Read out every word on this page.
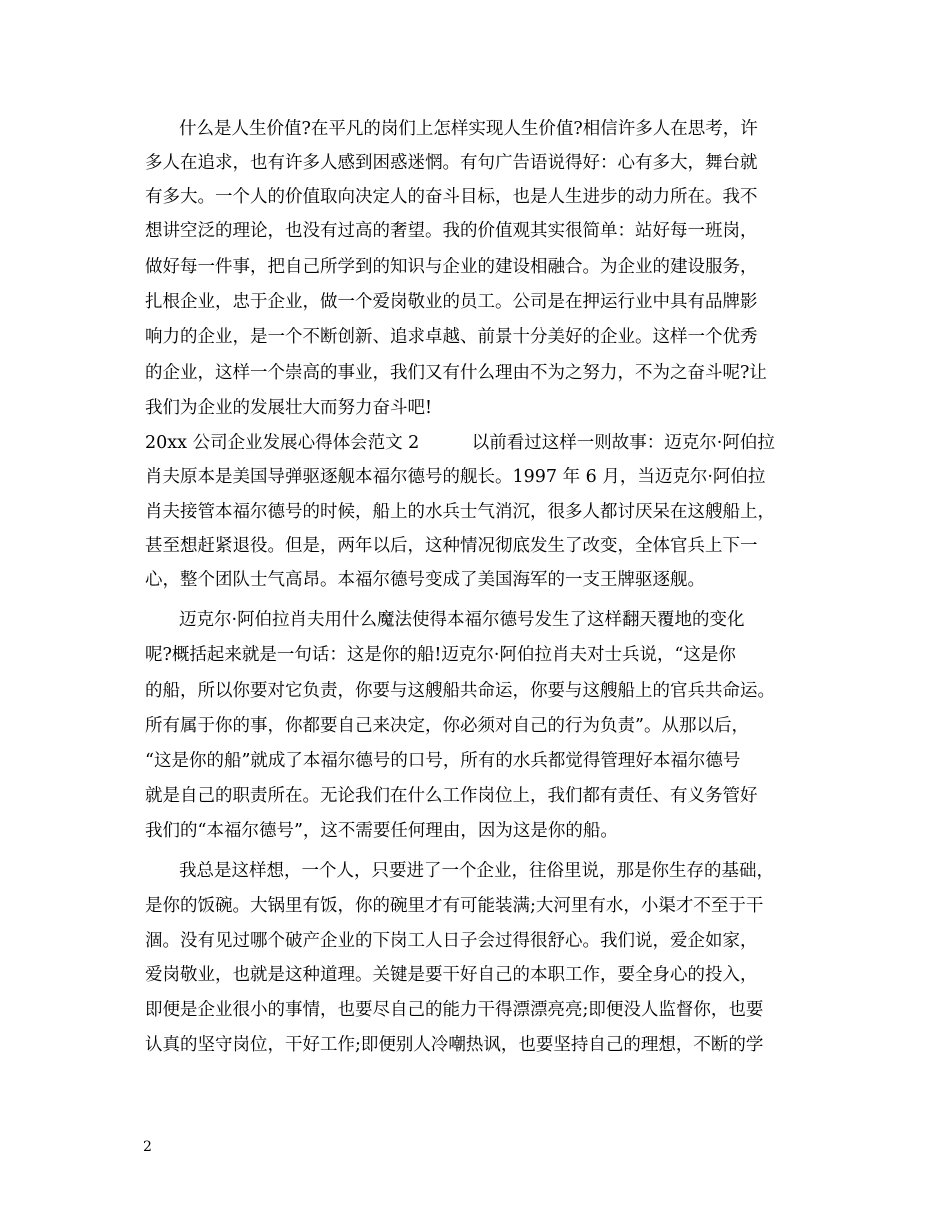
什么是人生价值?在平凡的岗们上怎样实现人生价值?相信许多人在思考，许
多人在追求，也有许多人感到困惑迷惘。有句广告语说得好：心有多大，舞台就
有多大。一个人的价值取向决定人的奋斗目标，也是人生进步的动力所在。我不
想讲空泛的理论，也没有过高的奢望。我的价值观其实很简单：站好每一班岗，
做好每一件事，把自己所学到的知识与企业的建设相融合。为企业的建设服务，
扎根企业，忠于企业，做一个爱岗敬业的员工。公司是在押运行业中具有品牌影
响力的企业，是一个不断创新、追求卓越、前景十分美好的企业。这样一个优秀
的企业，这样一个崇高的事业，我们又有什么理由不为之努力，不为之奋斗呢?让
我们为企业的发展壮大而努力奋斗吧!
20xx 公司企业发展心得体会范文 2　　　以前看过这样一则故事：迈克尔·阿伯拉
肖夫原本是美国导弹驱逐舰本福尔德号的舰长。1997 年 6 月，当迈克尔·阿伯拉
肖夫接管本福尔德号的时候，船上的水兵士气消沉，很多人都讨厌呆在这艘船上，
甚至想赶紧退役。但是，两年以后，这种情况彻底发生了改变，全体官兵上下一
心，整个团队士气高昂。本福尔德号变成了美国海军的一支王牌驱逐舰。
迈克尔·阿伯拉肖夫用什么魔法使得本福尔德号发生了这样翻天覆地的变化
呢?概括起来就是一句话：这是你的船!迈克尔·阿伯拉肖夫对士兵说，“这是你
的船，所以你要对它负责，你要与这艘船共命运，你要与这艘船上的官兵共命运。
所有属于你的事，你都要自己来决定，你必须对自己的行为负责”。从那以后，
“这是你的船”就成了本福尔德号的口号，所有的水兵都觉得管理好本福尔德号
就是自己的职责所在。无论我们在什么工作岗位上，我们都有责任、有义务管好
我们的“本福尔德号”，这不需要任何理由，因为这是你的船。
我总是这样想，一个人，只要进了一个企业，往俗里说，那是你生存的基础，
是你的饭碗。大锅里有饭，你的碗里才有可能装满;大河里有水，小渠才不至于干
涸。没有见过哪个破产企业的下岗工人日子会过得很舒心。我们说，爱企如家，
爱岗敬业，也就是这种道理。关键是要干好自己的本职工作，要全身心的投入，
即便是企业很小的事情，也要尽自己的能力干得漂漂亮亮;即便没人监督你，也要
认真的坚守岗位，干好工作;即便别人冷嘲热讽，也要坚持自己的理想，不断的学
2
